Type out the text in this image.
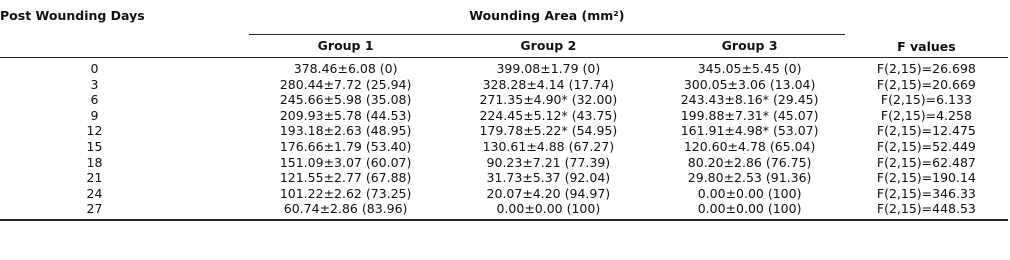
Post Wounding Days	Wounding Area (mm²)			F values
	Group 1	Group 2	Group 3	
0	378.46±6.08 (0)	399.08±1.79 (0)	345.05±5.45 (0)	F(2,15)=26.698
3	280.44±7.72 (25.94)	328.28±4.14 (17.74)	300.05±3.06 (13.04)	F(2,15)=20.669
6	245.66±5.98 (35.08)	271.35±4.90* (32.00)	243.43±8.16* (29.45)	F(2,15)=6.133
9	209.93±5.78 (44.53)	224.45±5.12* (43.75)	199.88±7.31* (45.07)	F(2,15)=4.258
12	193.18±2.63 (48.95)	179.78±5.22* (54.95)	161.91±4.98* (53.07)	F(2,15)=12.475
15	176.66±1.79 (53.40)	130.61±4.88 (67.27)	120.60±4.78 (65.04)	F(2,15)=52.449
18	151.09±3.07 (60.07)	90.23±7.21 (77.39)	80.20±2.86 (76.75)	F(2,15)=62.487
21	121.55±2.77 (67.88)	31.73±5.37 (92.04)	29.80±2.53 (91.36)	F(2,15)=190.14
24	101.22±2.62 (73.25)	20.07±4.20 (94.97)	0.00±0.00 (100)	F(2,15)=346.33
27	60.74±2.86 (83.96)	0.00±0.00 (100)	0.00±0.00 (100)	F(2,15)=448.53
